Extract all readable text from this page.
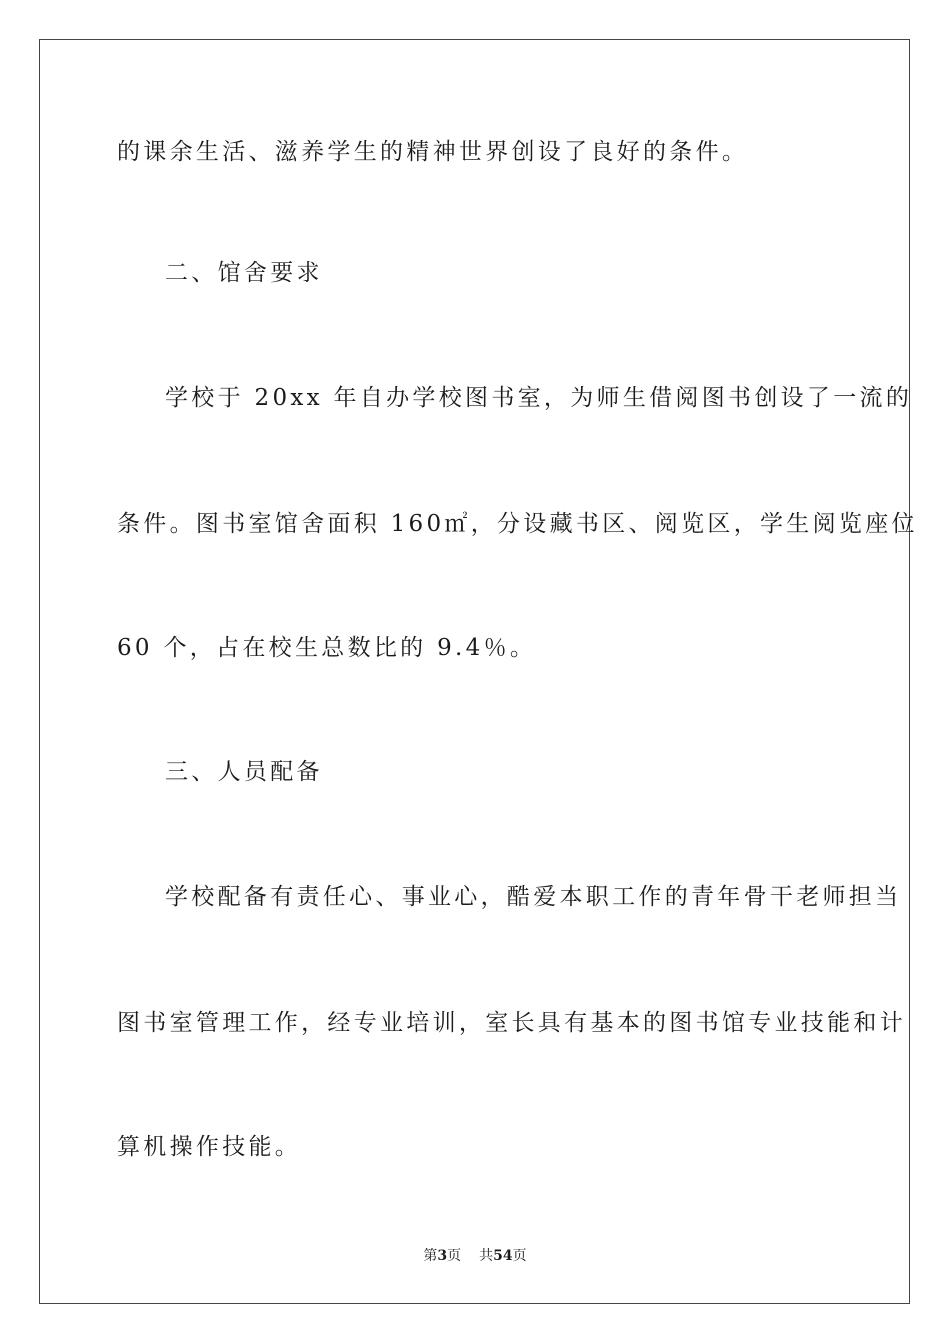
的课余生活、滋养学生的精神世界创设了良好的条件。
二、馆舍要求
学校于 20xx 年自办学校图书室，为师生借阅图书创设了一流的
条件。图书室馆舍面积 160㎡，分设藏书区、阅览区，学生阅览座位
60 个，占在校生总数比的 9.4％。
三、人员配备
学校配备有责任心、事业心，酷爱本职工作的青年骨干老师担当
图书室管理工作，经专业培训，室长具有基本的图书馆专业技能和计
算机操作技能。
第3页 共54页
